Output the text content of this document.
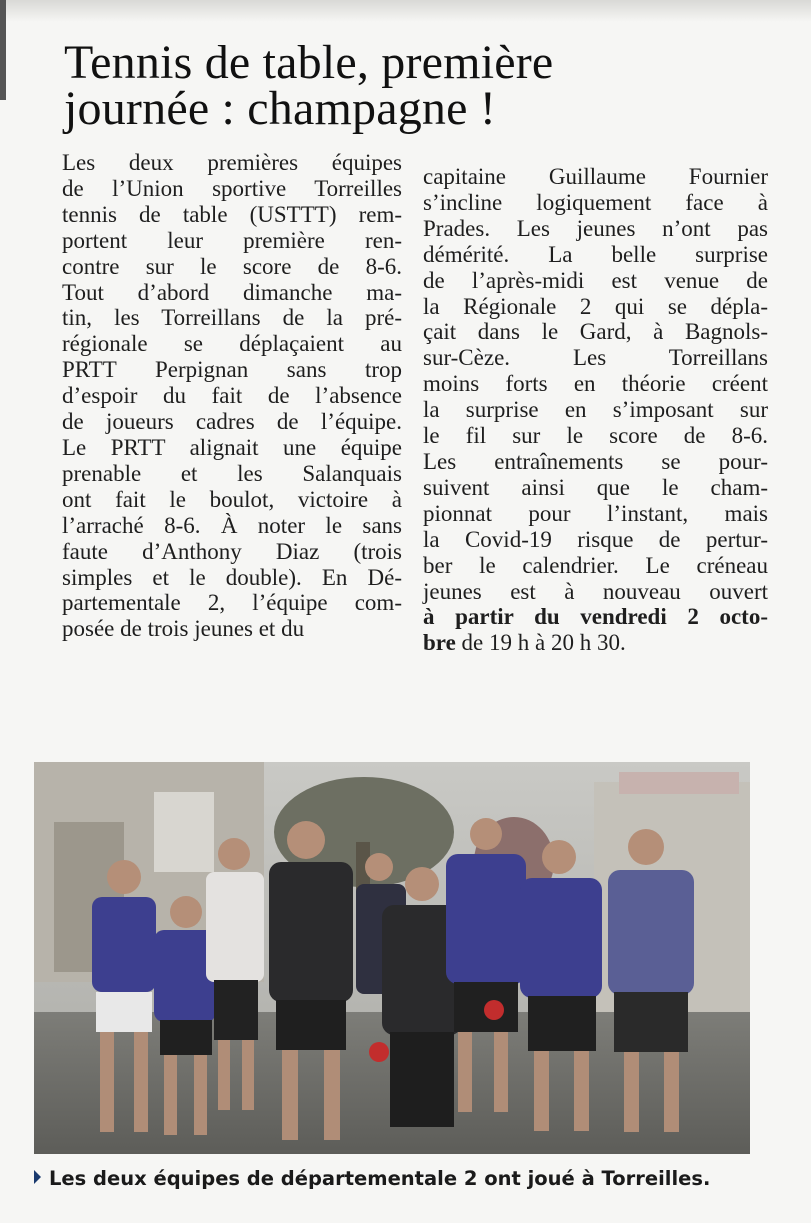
Tennis de table, première journée : champagne !
Les deux premières équipes
de l’Union sportive Torreilles
tennis de table (USTTT) rem-
portent leur première ren-
contre sur le score de 8-6.
Tout d’abord dimanche ma-
tin, les Torreillans de la pré-
régionale se déplaçaient au
PRTT Perpignan sans trop
d’espoir du fait de l’absence
de joueurs cadres de l’équipe.
Le PRTT alignait une équipe
prenable et les Salanquais
ont fait le boulot, victoire à
l’arraché 8-6. À noter le sans
faute d’Anthony Diaz (trois
simples et le double). En Dé-
partementale 2, l’équipe com-
posée de trois jeunes et du
capitaine Guillaume Fournier
s’incline logiquement face à
Prades. Les jeunes n’ont pas
démérité. La belle surprise
de l’après-midi est venue de
la Régionale 2 qui se dépla-
çait dans le Gard, à Bagnols-
sur-Cèze. Les Torreillans
moins forts en théorie créent
la surprise en s’imposant sur
le fil sur le score de 8-6.
Les entraînements se pour-
suivent ainsi que le cham-
pionnat pour l’instant, mais
la Covid-19 risque de pertur-
ber le calendrier. Le créneau
jeunes est à nouveau ouvert
à partir du vendredi 2 octo-
bre de 19 h à 20 h 30.
Les deux équipes de départementale 2 ont joué à Torreilles.
